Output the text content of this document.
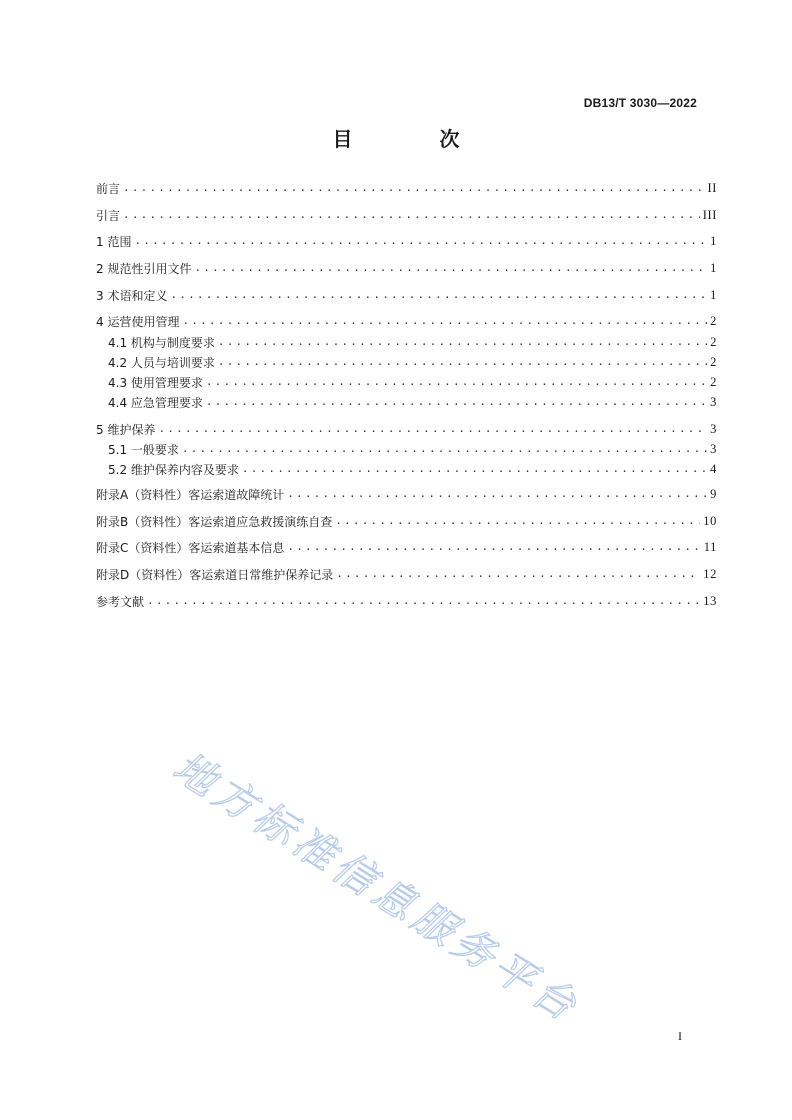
DB13/T 3030—2022
目 次
前言 .....	II
引言 .....	III
1 范围 .....	1
2 规范性引用文件 .....	1
3 术语和定义 .....	1
4 运营使用管理 .....	2
4.1 机构与制度要求 .....	2
4.2 人员与培训要求 .....	2
4.3 使用管理要求 .....	2
4.4 应急管理要求 .....	3
5 维护保养 .....	3
5.1 一般要求 .....	3
5.2 维护保养内容及要求 .....	4
附录A（资料性）客运索道故障统计 .....	9
附录B（资料性）客运索道应急救援演练自查 .....	10
附录C（资料性）客运索道基本信息 .....	11
附录D（资料性）客运索道日常维护保养记录 .....	12
参考文献 .....	13
地方标准信息服务平台
I
